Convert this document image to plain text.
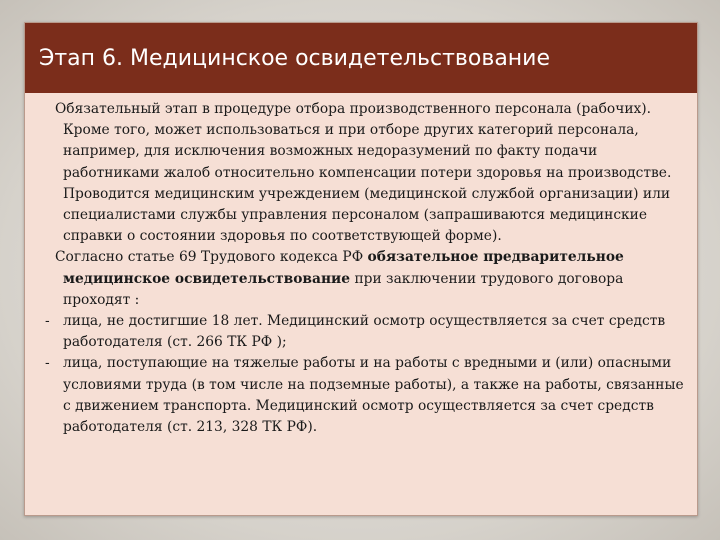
Этап 6. Медицинское освидетельствование

Обязательный этап в процедуре отбора производственного персонала (рабочих). Кроме того, может использоваться и при отборе других категорий персонала, например, для исключения возможных недоразумений по факту подачи работниками жалоб относительно компенсации потери здоровья на производстве. Проводится медицинским учреждением (медицинской службой организации) или специалистами службы управления персоналом (запрашиваются медицинские справки о состоянии здоровья по соответствующей форме).

Согласно статье 69 Трудового кодекса РФ обязательное предварительное медицинское освидетельствование при заключении трудового договора проходят :

- лица, не достигшие 18 лет. Медицинский осмотр осуществляется за счет средств работодателя (ст. 266 ТК РФ );

- лица, поступающие на тяжелые работы и на работы с вредными и (или) опасными условиями труда (в том числе на подземные работы), а также на работы, связанные с движением транспорта. Медицинский осмотр осуществляется за счет средств работодателя (ст. 213, 328 ТК РФ).
